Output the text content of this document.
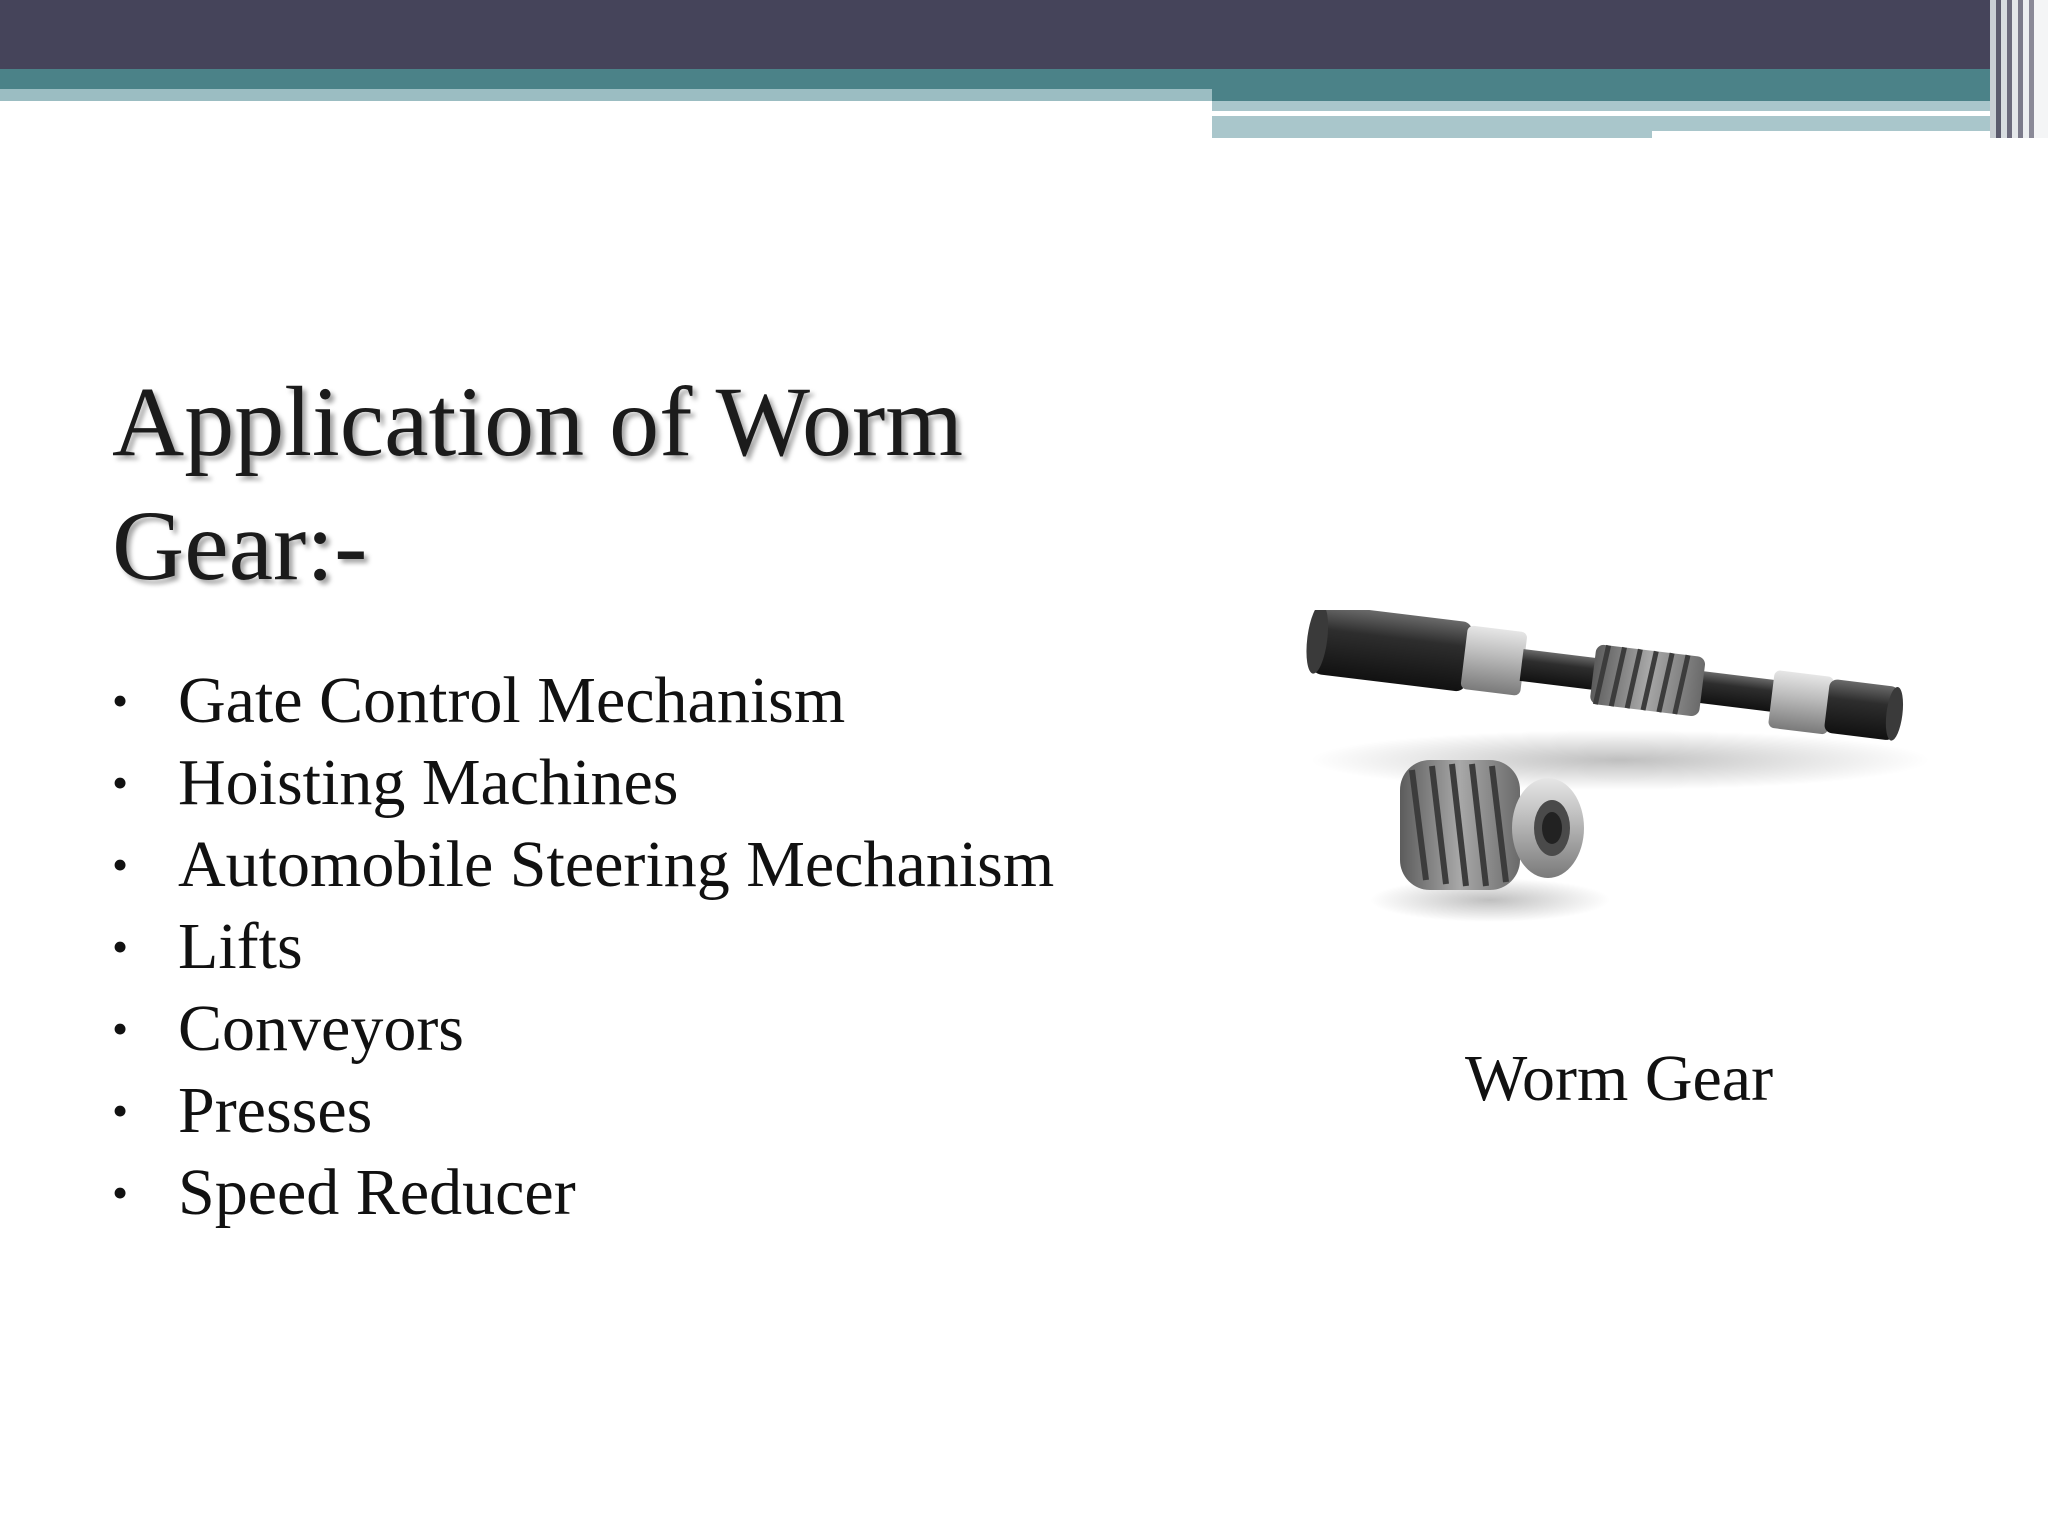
Application of Worm Gear:-
• Gate Control Mechanism
• Hoisting Machines
• Automobile Steering Mechanism
• Lifts
• Conveyors
• Presses
• Speed Reducer
Worm Gear
